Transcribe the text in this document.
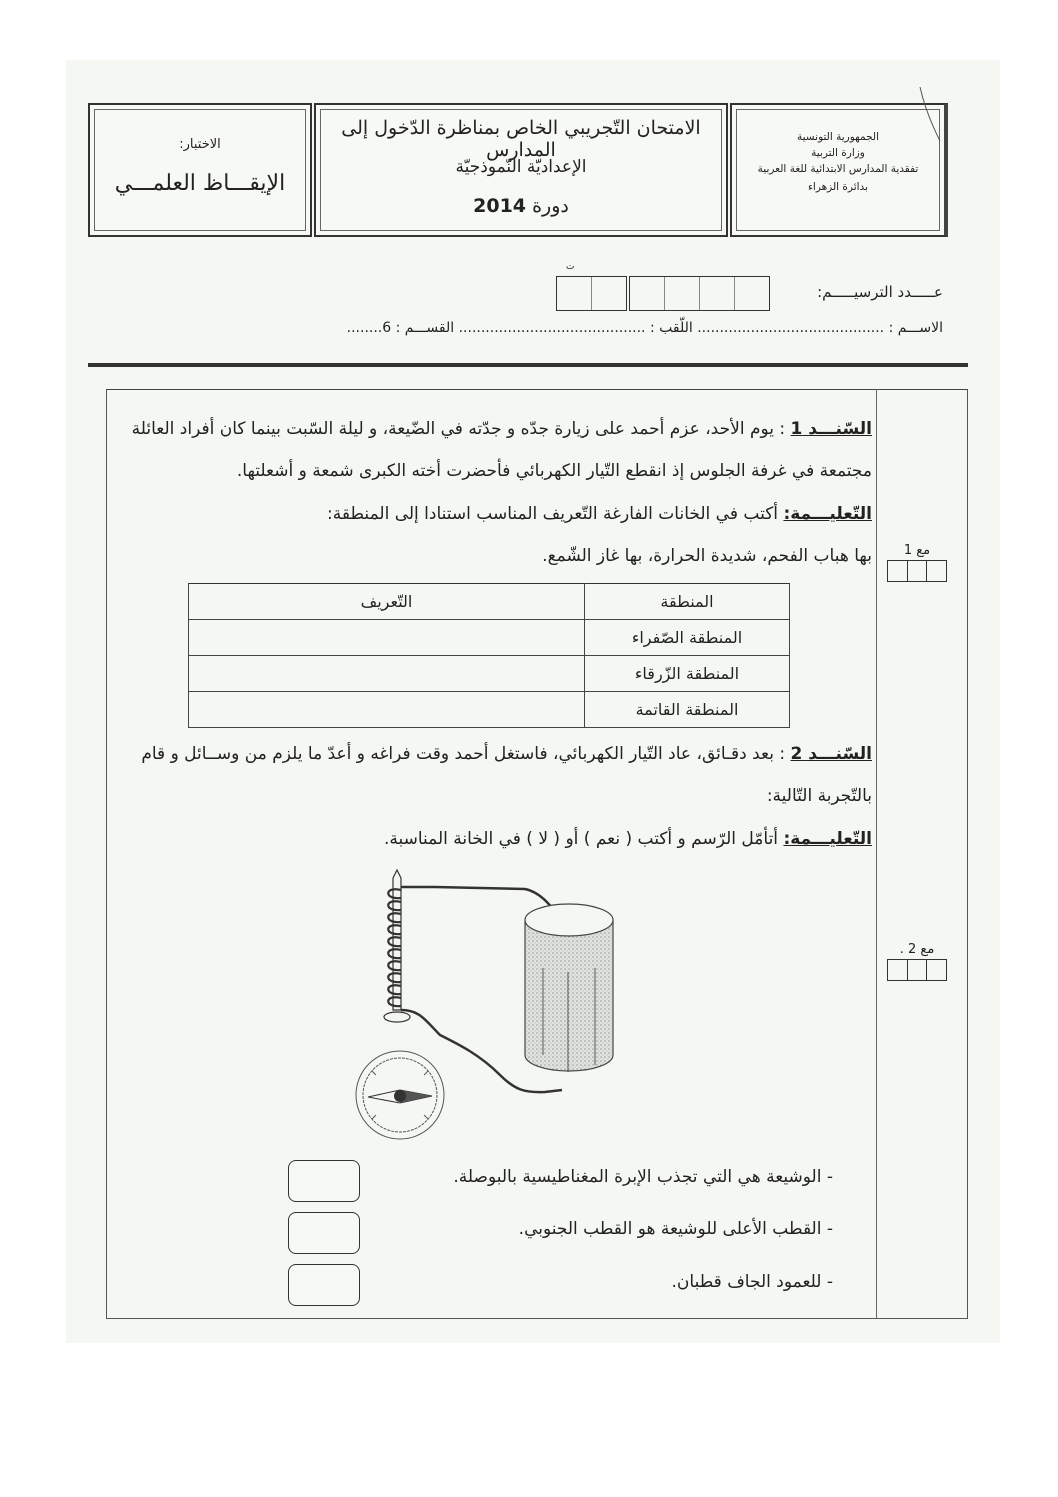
الاختبار:
الإيقـــاظ العلمـــي
الامتحان التّجريبي الخاص بمناظرة الدّخول إلى المدارس
الإعداديّة النّموذجيّة
دورة 2014
الجمهورية التونسية
وزارة التربية
تفقدية المدارس الابتدائية للغة العربية
بدائرة الزهراء
عـــــدد الترسيـــــم:
ت
الاســـم : .......................................... اللّقب : .......................................... القســـم : 6........
السّنـــد 1 : يوم الأحد، عزم أحمد على زيارة جدّه و جدّته في الضّيعة، و ليلة السّبت بينما كان أفراد العائلة مجتمعة في غرفة الجلوس إذ انقطع التّيار الكهربائي فأحضرت أخته الكبرى شمعة و أشعلتها.
التّعليـــمة: أكتب في الخانات الفارغة التّعريف المناسب استنادا إلى المنطقة:
بها هباب الفحم، شديدة الحرارة، بها غاز الشّمع.	مع 1
المنطقة	التّعريف
المنطقة الصّفراء	
المنطقة الزّرقاء	
المنطقة القاتمة	
السّنـــد 2 : بعد دقـائق، عاد التّيار الكهربائي، فاستغل أحمد وقت فراغه و أعدّ ما يلزم من وســائل و قام بالتّجربة التّالية:
التّعليـــمة: أتأمّل الرّسم و أكتب ( نعم ) أو ( لا ) في الخانة المناسبة.
مع 2 .
- الوشيعة هي التي تجذب الإبرة المغناطيسية بالبوصلة.
- القطب الأعلى للوشيعة هو القطب الجنوبي.
- للعمود الجاف قطبان.
